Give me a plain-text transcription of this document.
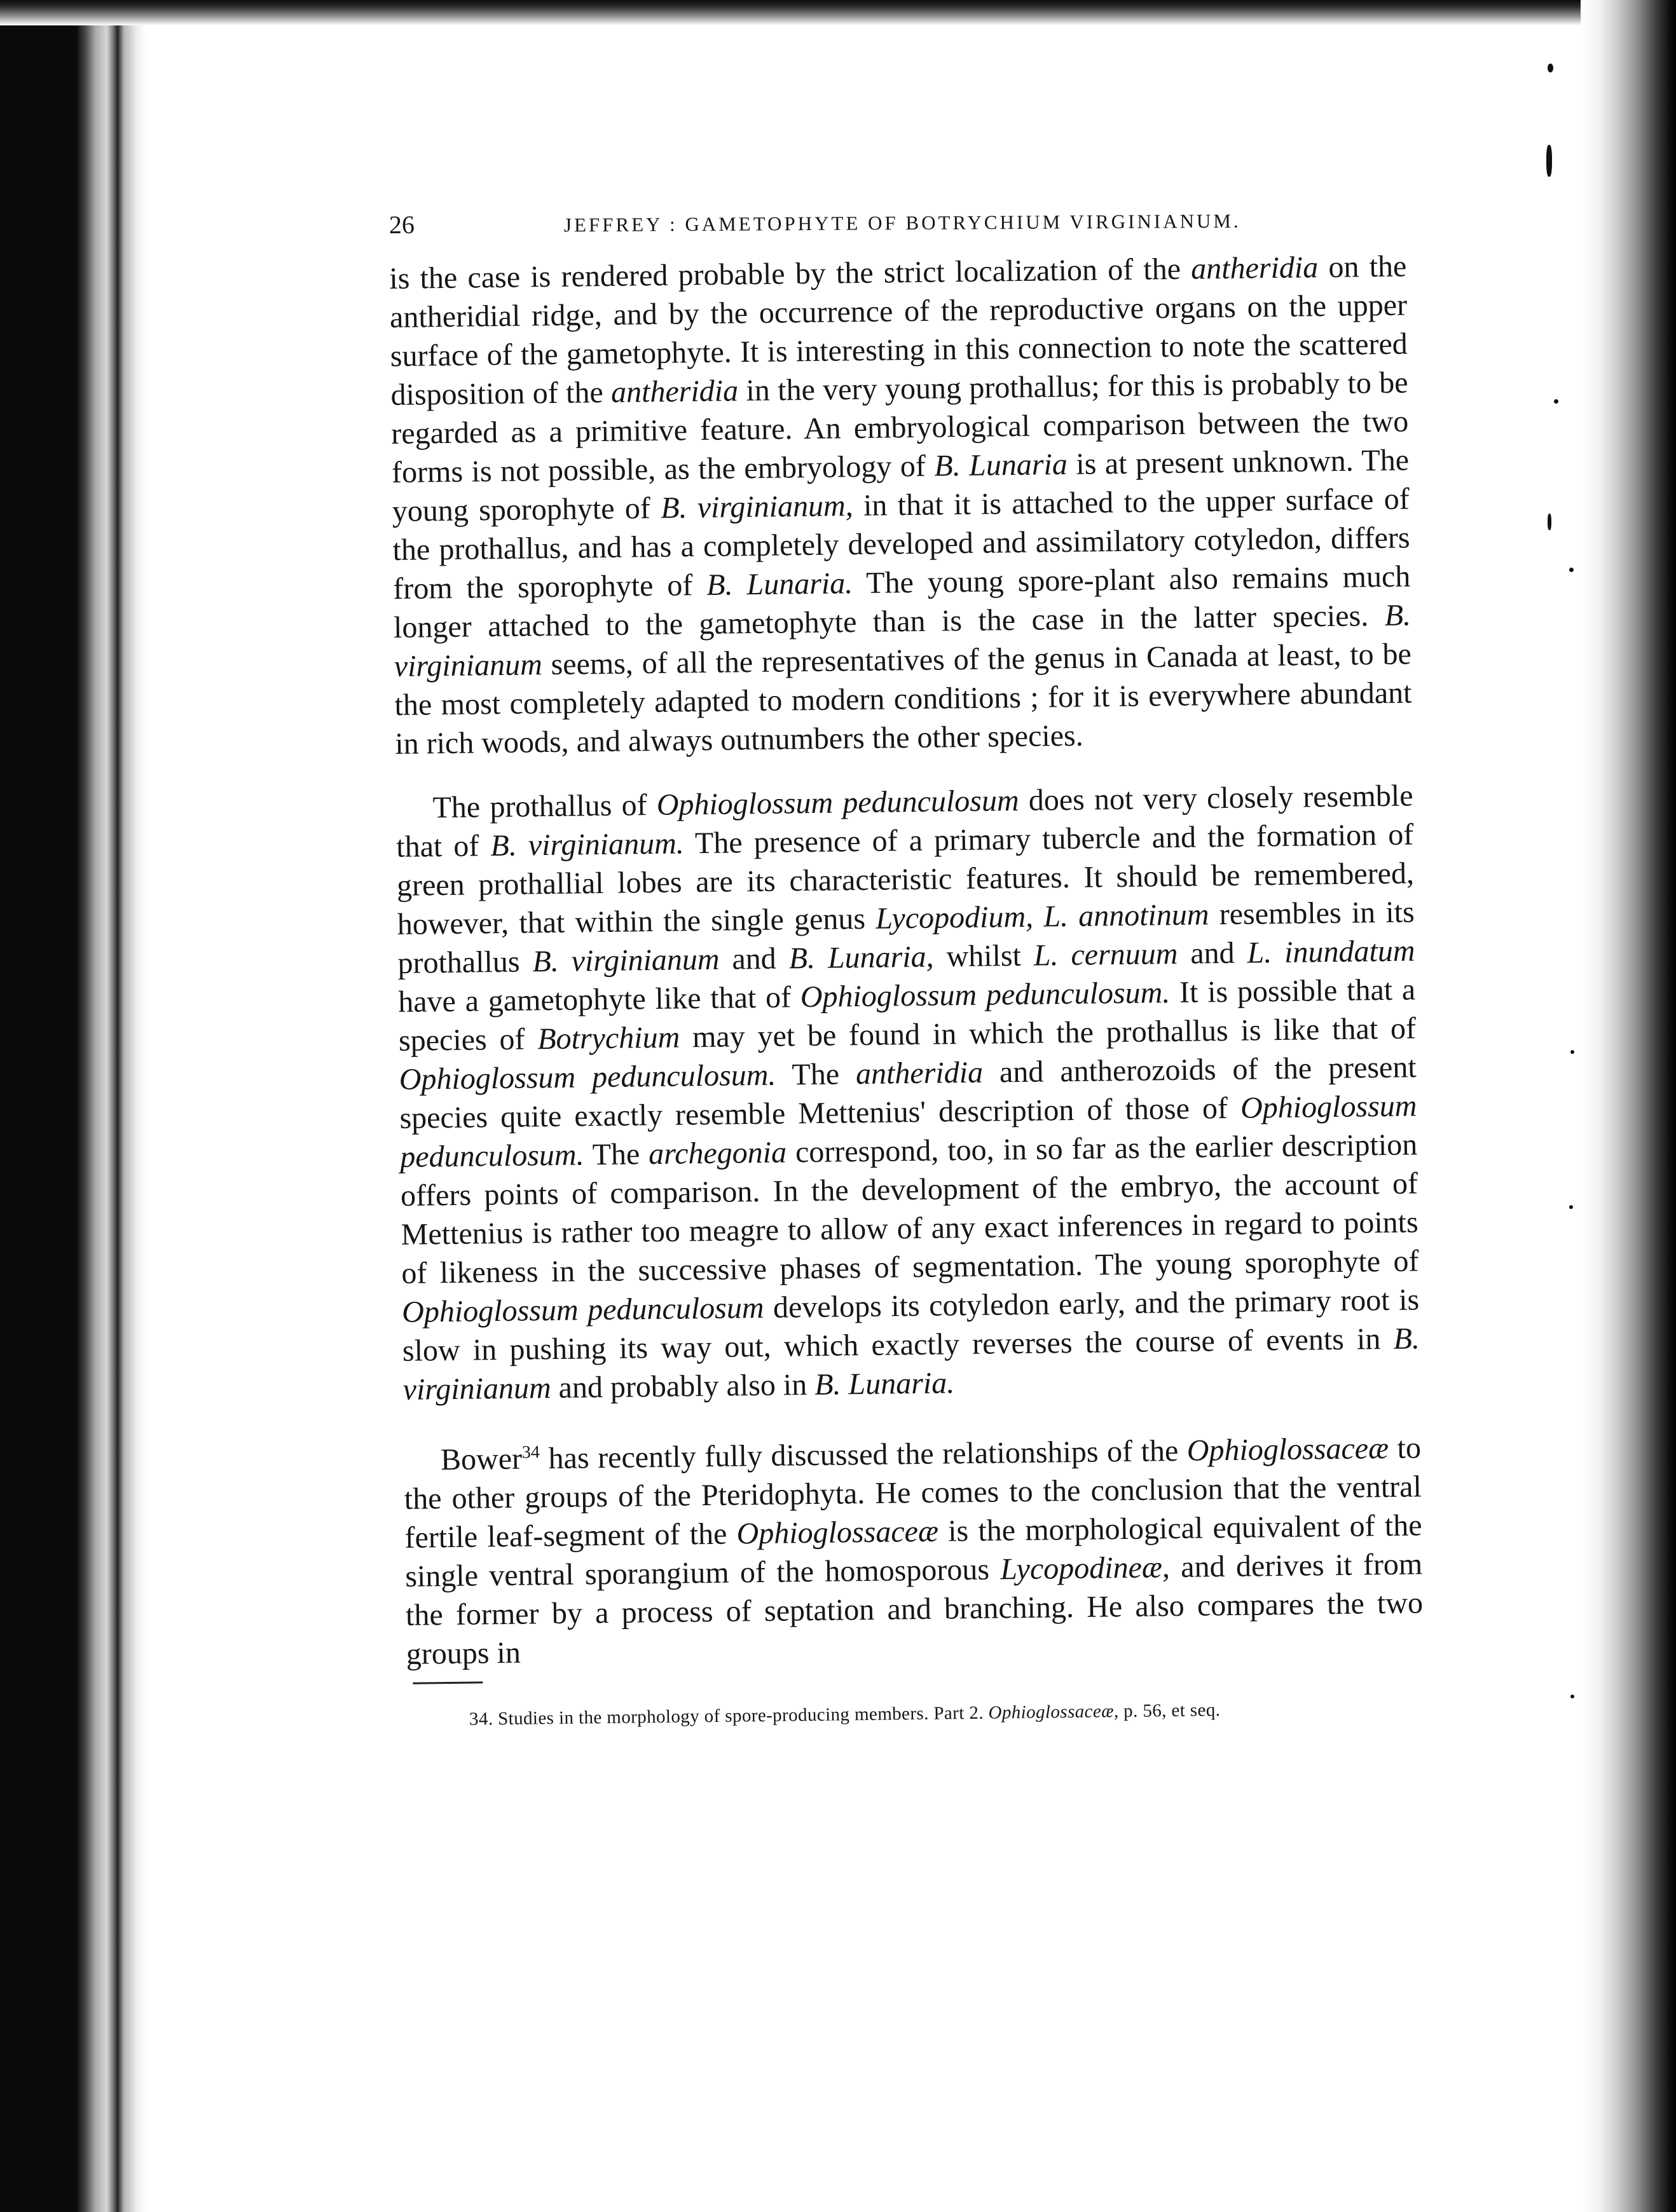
26	JEFFREY : GAMETOPHYTE OF BOTRYCHIUM VIRGINIANUM.

is the case is rendered probable by the strict localization of the antheridia on the antheridial ridge, and by the occurrence of the reproductive organs on the upper surface of the gametophyte. It is interesting in this connection to note the scattered disposition of the antheridia in the very young prothallus; for this is probably to be regarded as a primitive feature. An embryological comparison between the two forms is not possible, as the embryology of B. Lunaria is at present unknown. The young sporophyte of B. virginianum, in that it is attached to the upper surface of the prothallus, and has a completely developed and assimilatory cotyledon, differs from the sporophyte of B. Lunaria. The young spore-plant also remains much longer attached to the gametophyte than is the case in the latter species. B. virginianum seems, of all the representatives of the genus in Canada at least, to be the most completely adapted to modern conditions ; for it is everywhere abundant in rich woods, and always outnumbers the other species.

The prothallus of Ophioglossum pedunculosum does not very closely resemble that of B. virginianum. The presence of a primary tubercle and the formation of green prothallial lobes are its characteristic features. It should be remembered, however, that within the single genus Lycopodium, L. annotinum resembles in its prothallus B. virginianum and B. Lunaria, whilst L. cernuum and L. inundatum have a gametophyte like that of Ophioglossum pedunculosum. It is possible that a species of Botrychium may yet be found in which the prothallus is like that of Ophioglossum pedunculosum. The antheridia and antherozoids of the present species quite exactly resemble Mettenius' description of those of Ophioglossum pedunculosum. The archegonia correspond, too, in so far as the earlier description offers points of comparison. In the development of the embryo, the account of Mettenius is rather too meagre to allow of any exact inferences in regard to points of likeness in the successive phases of segmentation. The young sporophyte of Ophioglossum pedunculosum develops its cotyledon early, and the primary root is slow in pushing its way out, which exactly reverses the course of events in B. virginianum and probably also in B. Lunaria.

Bower$^{34}$ has recently fully discussed the relationships of the Ophioglossaceæ to the other groups of the Pteridophyta. He comes to the conclusion that the ventral fertile leaf-segment of the Ophioglossaceæ is the morphological equivalent of the single ventral sporangium of the homosporous Lycopodineæ, and derives it from the former by a process of septation and branching. He also compares the two groups in

34. Studies in the morphology of spore-producing members. Part 2. Ophioglossaceæ, p. 56, et seq.
